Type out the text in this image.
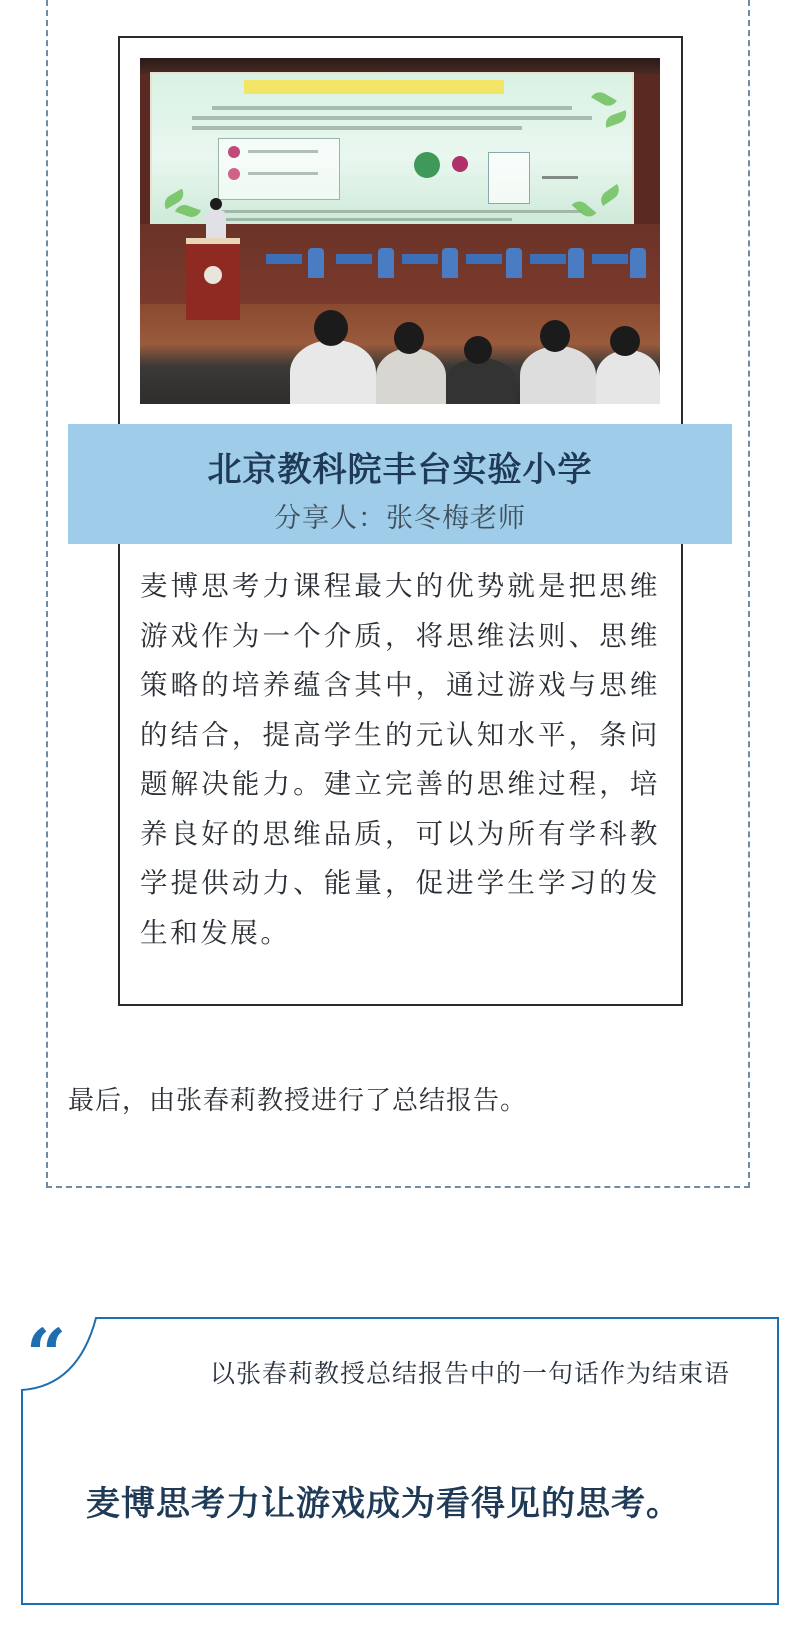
北京教科院丰台实验小学
分享人：张冬梅老师
麦博思考力课程最大的优势就是把思维游戏作为一个介质，将思维法则、思维策略的培养蕴含其中，通过游戏与思维的结合，提高学生的元认知水平，条问题解决能力。建立完善的思维过程，培养良好的思维品质，可以为所有学科教学提供动力、能量，促进学生学习的发生和发展。
最后，由张春莉教授进行了总结报告。
“	以张春莉教授总结报告中的一句话作为结束语
麦博思考力让游戏成为看得见的思考。
